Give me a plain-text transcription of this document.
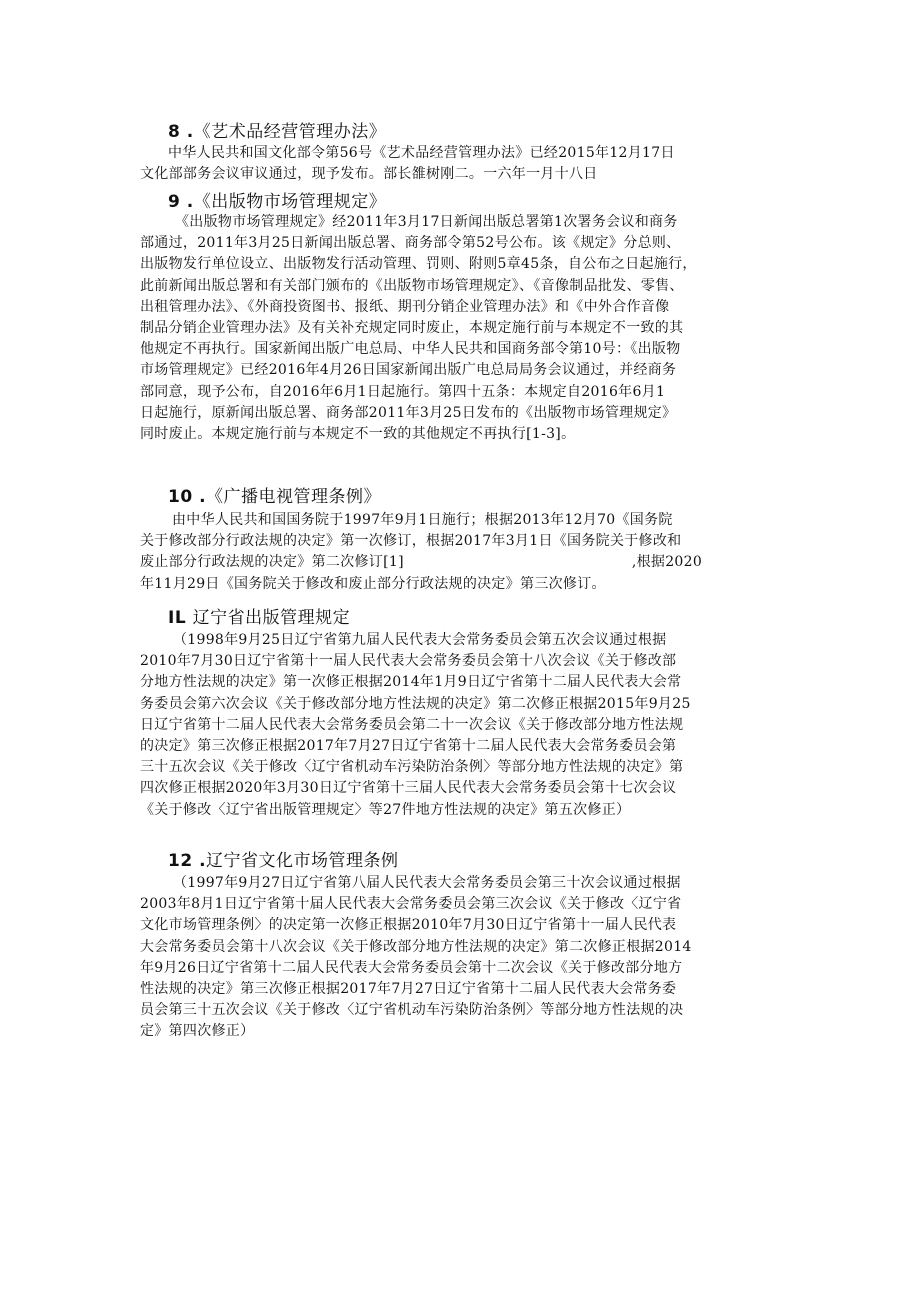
8 .《艺术品经营管理办法》
中华人民共和国文化部令第56号《艺术品经营管理办法》已经2015年12月17日
文化部部务会议审议通过，现予发布。部长雒树刚二。一六年一月十八日
9 .《出版物市场管理规定》
《出版物市场管理规定》经2011年3月17日新闻出版总署第1次署务会议和商务
部通过，2011年3月25日新闻出版总署、商务部令第52号公布。该《规定》分总则、
出版物发行单位设立、出版物发行活动管理、罚则、附则5章45条，自公布之日起施行，
此前新闻出版总署和有关部门颁布的《出版物市场管理规定》、《音像制品批发、零售、
出租管理办法》、《外商投资图书、报纸、期刊分销企业管理办法》和《中外合作音像
制品分销企业管理办法》及有关补充规定同时废止，本规定施行前与本规定不一致的其
他规定不再执行。国家新闻出版广电总局、中华人民共和国商务部令第10号：《出版物
市场管理规定》已经2016年4月26日国家新闻出版广电总局局务会议通过，并经商务
部同意，现予公布，自2016年6月1日起施行。第四十五条：本规定自2016年6月1
日起施行，原新闻出版总署、商务部2011年3月25日发布的《出版物市场管理规定》
同时废止。本规定施行前与本规定不一致的其他规定不再执行[1-3]。
10 .《广播电视管理条例》
由中华人民共和国国务院于1997年9月1日施行；根据2013年12月70《国务院
关于修改部分行政法规的决定》第一次修订，根据2017年3月1日《国务院关于修改和
废止部分行政法规的决定》第二次修订[1]	,根据2020
年11月29日《国务院关于修改和废止部分行政法规的决定》第三次修订。
IL 辽宁省出版管理规定
（1998年9月25日辽宁省第九届人民代表大会常务委员会第五次会议通过根据
2010年7月30日辽宁省第十一届人民代表大会常务委员会第十八次会议《关于修改部
分地方性法规的决定》第一次修正根据2014年1月9日辽宁省第十二届人民代表大会常
务委员会第六次会议《关于修改部分地方性法规的决定》第二次修正根据2015年9月25
日辽宁省第十二届人民代表大会常务委员会第二十一次会议《关于修改部分地方性法规
的决定》第三次修正根据2017年7月27日辽宁省第十二届人民代表大会常务委员会第
三十五次会议《关于修改〈辽宁省机动车污染防治条例〉等部分地方性法规的决定》第
四次修正根据2020年3月30日辽宁省第十三届人民代表大会常务委员会第十七次会议
《关于修改〈辽宁省出版管理规定〉等27件地方性法规的决定》第五次修正）
12 .辽宁省文化市场管理条例
（1997年9月27日辽宁省第八届人民代表大会常务委员会第三十次会议通过根据
2003年8月1日辽宁省第十届人民代表大会常务委员会第三次会议《关于修改〈辽宁省
文化市场管理条例〉的决定第一次修正根据2010年7月30日辽宁省第十一届人民代表
大会常务委员会第十八次会议《关于修改部分地方性法规的决定》第二次修正根据2014
年9月26日辽宁省第十二届人民代表大会常务委员会第十二次会议《关于修改部分地方
性法规的决定》第三次修正根据2017年7月27日辽宁省第十二届人民代表大会常务委
员会第三十五次会议《关于修改〈辽宁省机动车污染防治条例〉等部分地方性法规的决
定》第四次修正）
